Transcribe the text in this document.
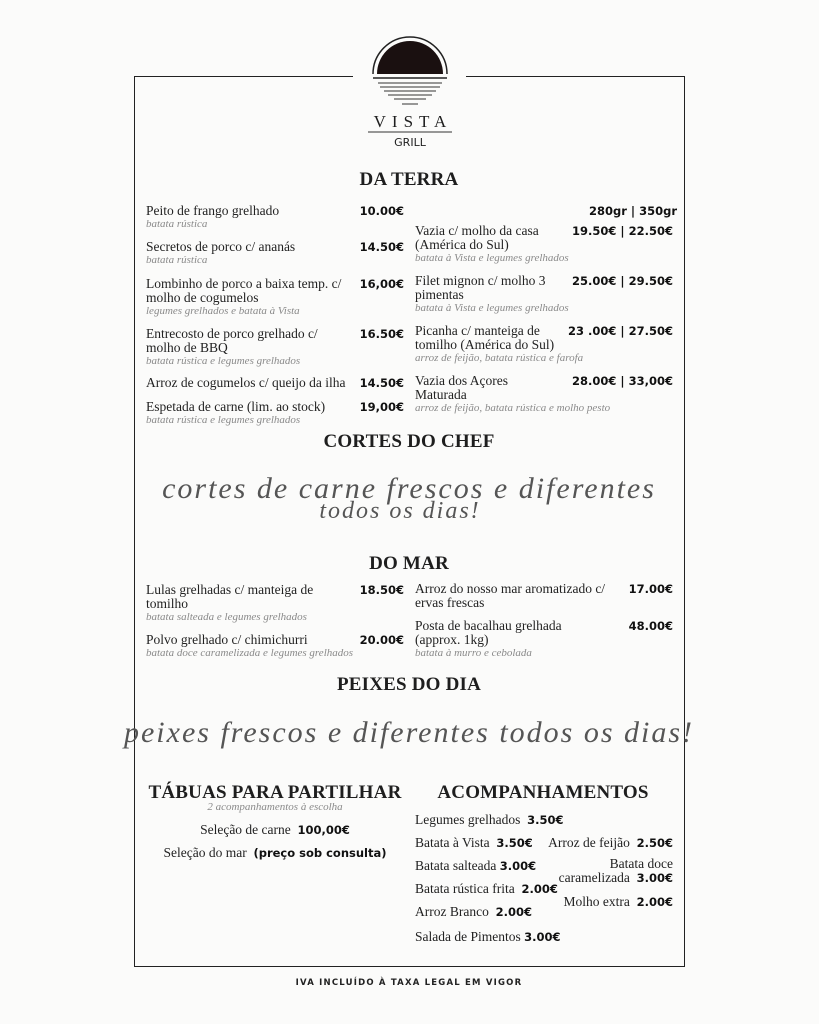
VISTA
GRILL
DA TERRA
280gr | 350gr
Peito de frango grelhado
batata rústica
10.00€
Secretos de porco c/ ananás
batata rústica
14.50€
Lombinho de porco a baixa temp. c/ molho de cogumelos
legumes grelhados e batata à Vista
16,00€
Entrecosto de porco grelhado c/ molho de BBQ
batata rústica e legumes grelhados
16.50€
Arroz de cogumelos c/ queijo da ilha	14.50€
Espetada de carne (lim. ao stock)
batata rústica e legumes grelhados
19,00€
Vazia c/ molho da casa (América do Sul)
batata à Vista e legumes grelhados
19.50€ | 22.50€
Filet mignon c/ molho 3 pimentas
batata à Vista e legumes grelhados
25.00€ | 29.50€
Picanha c/ manteiga de tomilho (América do Sul)
arroz de feijão, batata rústica e farofa
23 .00€ | 27.50€
Vazia dos Açores Maturada
arroz de feijão, batata rústica e molho pesto
28.00€ | 33,00€
CORTES DO CHEF
cortes de carne frescos e diferentes
todos os dias!
DO MAR
Lulas grelhadas c/ manteiga de tomilho
batata salteada e legumes grelhados
18.50€
Polvo grelhado c/ chimichurri
batata doce caramelizada e legumes grelhados
20.00€
Arroz do nosso mar aromatizado c/ ervas frescas
17.00€
Posta de bacalhau grelhada (approx. 1kg)
batata à murro e cebolada
48.00€
PEIXES DO DIA
peixes frescos e diferentes todos os dias!
TÁBUAS PARA PARTILHAR
2 acompanhamentos à escolha
Seleção de carne 100,00€
Seleção do mar (preço sob consulta)
ACOMPANHAMENTOS
Legumes grelhados 3.50€
Batata à Vista 3.50€ Arroz de feijão 2.50€
Batata salteada 3.00€	Batata doce
caramelizada 3.00€
Batata rústica frita 2.00€
Molho extra 2.00€
Arroz Branco 2.00€
Salada de Pimentos 3.00€
IVA INCLUÍDO À TAXA LEGAL EM VIGOR
